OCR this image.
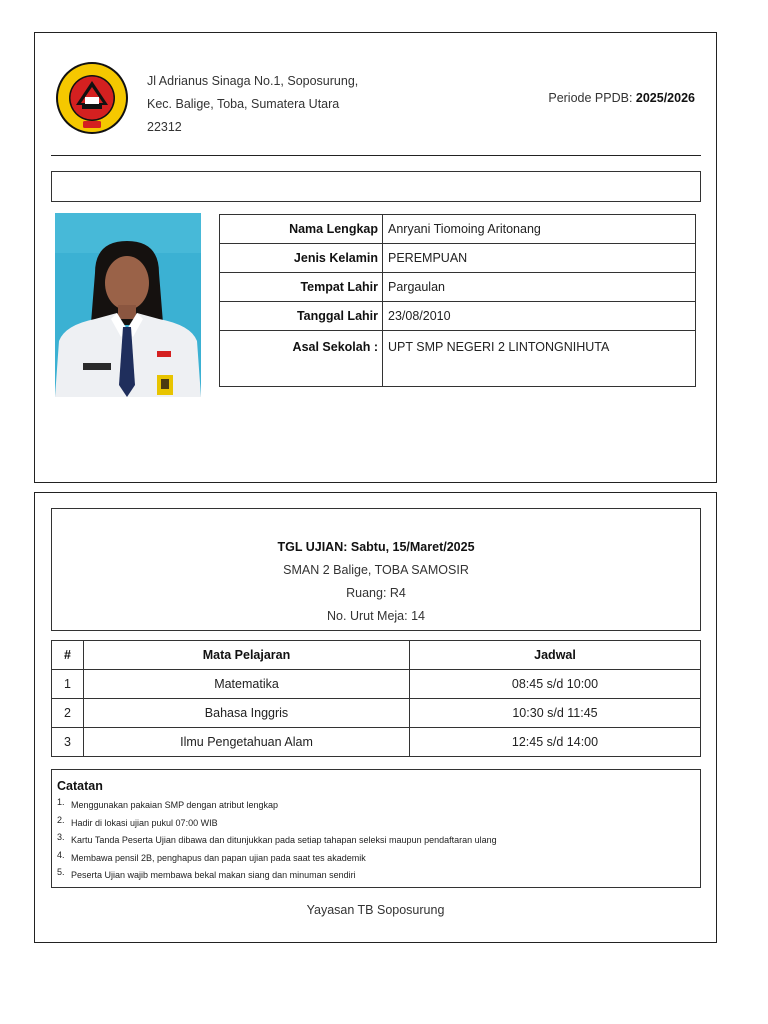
Jl Adrianus Sinaga No.1, Soposurung,
Kec. Balige, Toba, Sumatera Utara
22312
Periode PPDB: 2025/2026
Nama Lengkap	Anryani Tiomoing Aritonang
Jenis Kelamin	PEREMPUAN
Tempat Lahir	Pargaulan
Tanggal Lahir	23/08/2010
Asal Sekolah :	UPT SMP NEGERI 2 LINTONGNIHUTA
TGL UJIAN: Sabtu, 15/Maret/2025
SMAN 2 Balige, TOBA SAMOSIR
Ruang: R4
No. Urut Meja: 14
#	Mata Pelajaran	Jadwal
1	Matematika	08:45 s/d 10:00
2	Bahasa Inggris	10:30 s/d 11:45
3	Ilmu Pengetahuan Alam	12:45 s/d 14:00
Catatan
1. Menggunakan pakaian SMP dengan atribut lengkap
2. Hadir di lokasi ujian pukul 07:00 WIB
3. Kartu Tanda Peserta Ujian dibawa dan ditunjukkan pada setiap tahapan seleksi maupun pendaftaran ulang
4. Membawa pensil 2B, penghapus dan papan ujian pada saat tes akademik
5. Peserta Ujian wajib membawa bekal makan siang dan minuman sendiri
Yayasan TB Soposurung
